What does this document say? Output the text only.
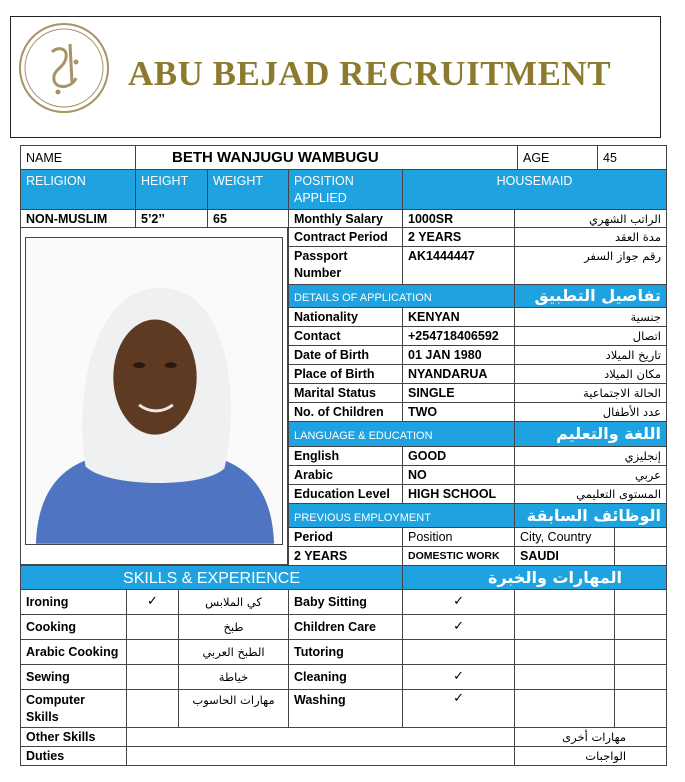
ABU BEJAD RECRUITMENT
NAME	BETH WANJUGU WAMBUGU	AGE	45
RELIGION	HEIGHT	WEIGHT	POSITION APPLIED	HOUSEMAID
NON-MUSLIM	5’2’’	65	Monthly Salary	1000SR	الراتب الشهري
Contract Period	2 YEARS	مدة العقد
Passport Number	AK1444447	رقم جواز السفر
DETAILS OF APPLICATION		تفاصيل التطبيق
Nationality	KENYAN	جنسية
Contact	+254718406592	اتصال
Date of Birth	01 JAN 1980	تاريخ الميلاد
Place of Birth	NYANDARUA	مكان الميلاد
Marital Status	SINGLE	الحالة الاجتماعية
No. of Children	TWO	عدد الأطفال
LANGUAGE & EDUCATION		اللغة والتعليم
English	GOOD	إنجليزي
Arabic	NO	عربي
Education Level	HIGH SCHOOL	المستوى التعليمي
PREVIOUS EMPLOYMENT		الوظائف السابقة	
Period	Position	City, Country	
2 YEARS	DOMESTIC WORK	SAUDI	
SKILLS & EXPERIENCE				المهارات والخبرة		
Ironing	✓	كي الملابس	Baby Sitting	✓		
Cooking		طبخ	Children Care	✓		
Arabic Cooking		الطبخ العربي	Tutoring			
Sewing		خياطة	Cleaning	✓		
Computer Skills		مهارات الحاسوب	Washing	✓		
Other Skills					مهارات أخرى	
Duties					الواجبات	
